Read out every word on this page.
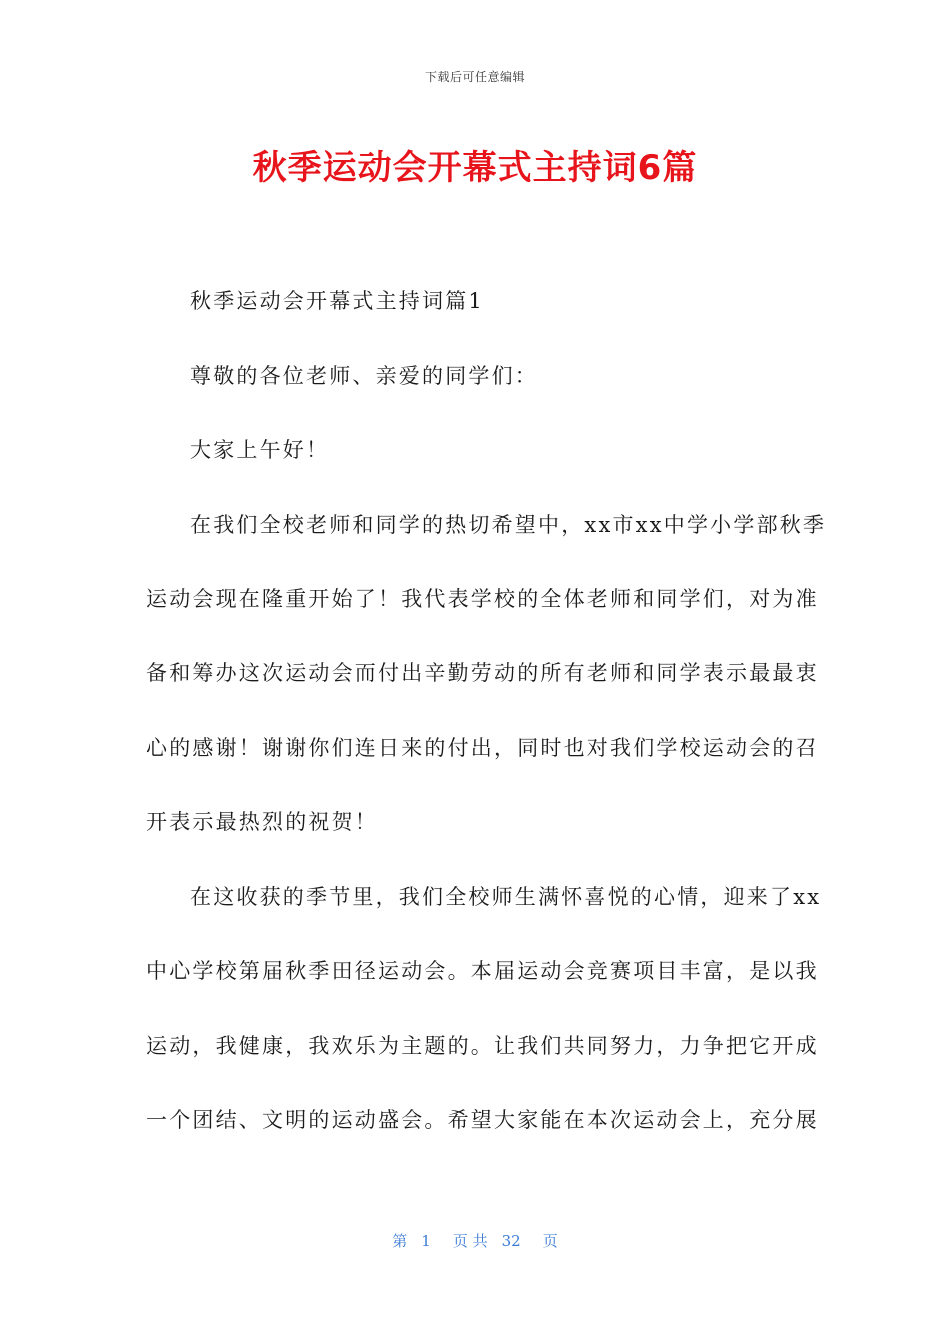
下载后可任意编辑
秋季运动会开幕式主持词6篇
秋季运动会开幕式主持词篇1
尊敬的各位老师、亲爱的同学们：
大家上午好！
在我们全校老师和同学的热切希望中，xx市xx中学小学部秋季
运动会现在隆重开始了！我代表学校的全体老师和同学们，对为准
备和筹办这次运动会而付出辛勤劳动的所有老师和同学表示最最衷
心的感谢！谢谢你们连日来的付出，同时也对我们学校运动会的召
开表示最热烈的祝贺！
在这收获的季节里，我们全校师生满怀喜悦的心情，迎来了xx
中心学校第届秋季田径运动会。本届运动会竞赛项目丰富，是以我
运动，我健康，我欢乐为主题的。让我们共同努力，力争把它开成
一个团结、文明的运动盛会。希望大家能在本次运动会上，充分展
第 1 页 共 32 页
